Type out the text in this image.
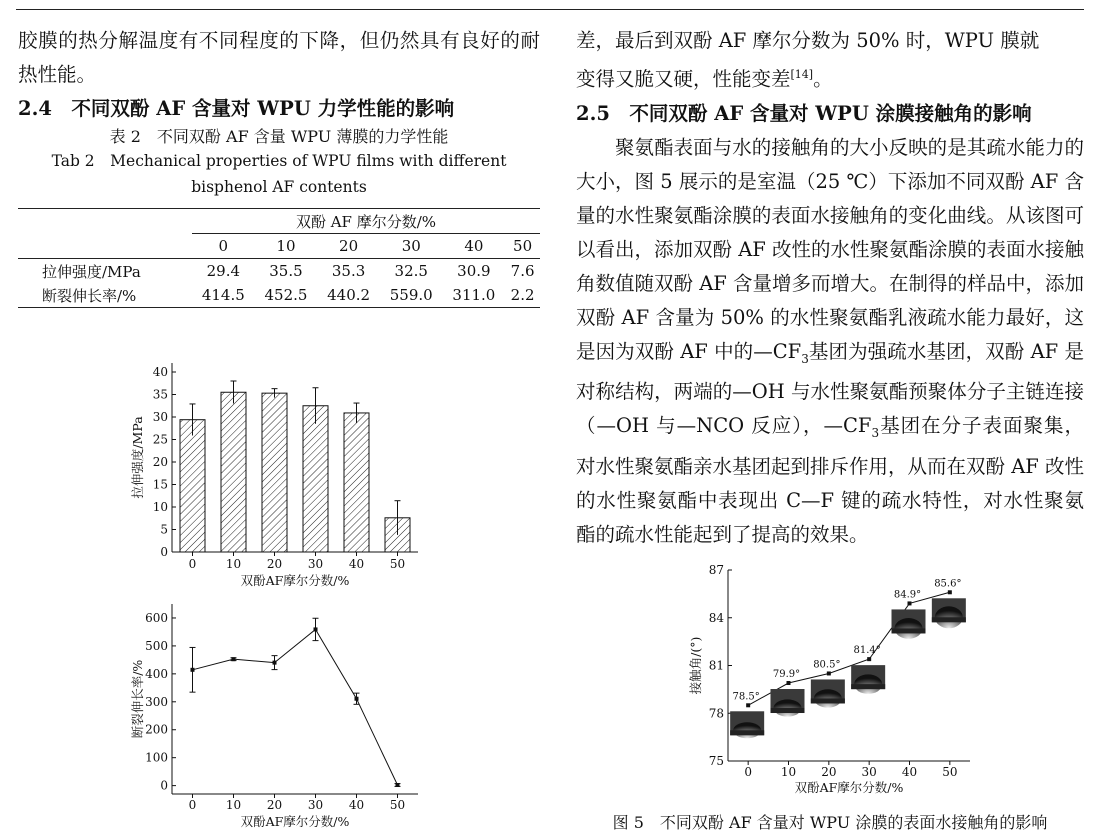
胶膜的热分解温度有不同程度的下降，但仍然具有良好的耐热性能。

2.4　不同双酚 AF 含量对 WPU 力学性能的影响

表 2　不同双酚 AF 含量 WPU 薄膜的力学性能
Tab 2　Mechanical properties of WPU films with different bisphenol AF contents
	双酚 AF 摩尔分数/%					
	0	10	20	30	40	50
拉伸强度/MPa	29.4	35.5	35.3	32.5	30.9	7.6
断裂伸长率/%	414.5	452.5	440.2	559.0	311.0	2.2
0
5
10
15
20
25
30
35
40
0 10 20 30 40 50
双酚AF摩尔分数/%
拉伸强度/MPa
0
100
200
300
400
500
600
0 10 20 30 40 50
双酚AF摩尔分数/%
断裂伸长率/%

差，最后到双酚 AF 摩尔分数为 50% 时，WPU 膜就
变得又脆又硬，性能变差[14]。

2.5　不同双酚 AF 含量对 WPU 涂膜接触角的影响

聚氨酯表面与水的接触角的大小反映的是其疏水能力的大小，图 5 展示的是室温（25 ℃）下添加不同双酚 AF 含量的水性聚氨酯涂膜的表面水接触角的变化曲线。从该图可以看出，添加双酚 AF 改性的水性聚氨酯涂膜的表面水接触角数值随双酚 AF 含量增多而增大。在制得的样品中，添加双酚 AF 含量为 50% 的水性聚氨酯乳液疏水能力最好，这是因为双酚 AF 中的$—CF_3$基团为强疏水基团，双酚 AF 是对称结构，两端的—OH 与水性聚氨酯预聚体分子主链连接（—OH 与—NCO 反应），$—CF_3$基团在分子表面聚集，对水性聚氨酯亲水基团起到排斥作用，从而在双酚 AF 改性的水性聚氨酯中表现出 C—F 键的疏水特性，对水性聚氨酯的疏水性能起到了提高的效果。

75
78
81
84
87
78.5°
0
79.9°
10
80.5°
20
81.4°
30
84.9°
40
85.6°
50
双酚AF摩尔分数/%
接触角/(°)
图 5　不同双酚 AF 含量对 WPU 涂膜的表面水接触角的影响
